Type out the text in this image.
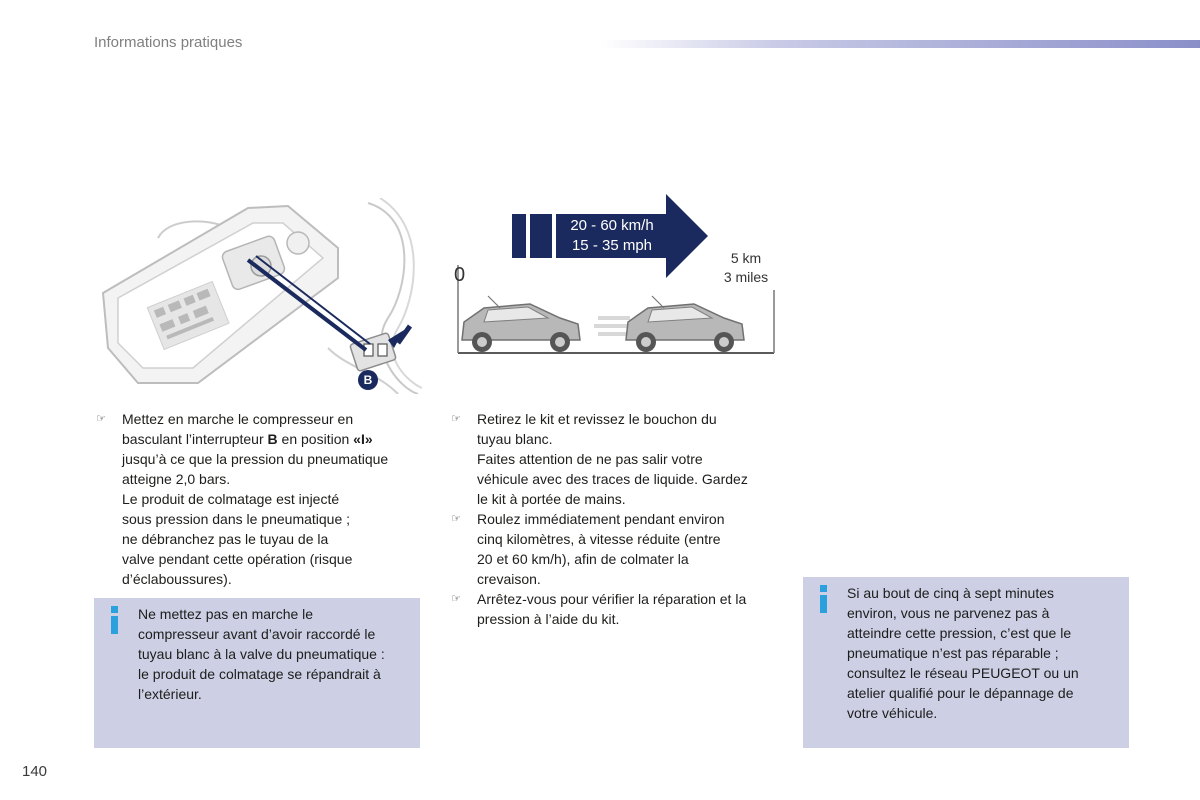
Informations pratiques
B
20 - 60 km/h
15 - 35 mph
0
5 km
3 miles
☞ Mettez en marche le compresseur en
basculant l’interrupteur B en position «I»
jusqu’à ce que la pression du pneumatique
atteigne 2,0 bars.
Le produit de colmatage est injecté
sous pression dans le pneumatique ;
ne débranchez pas le tuyau de la
valve pendant cette opération (risque
d’éclaboussures).
☞ Retirez le kit et revissez le bouchon du
tuyau blanc.
Faites attention de ne pas salir votre
véhicule avec des traces de liquide. Gardez
le kit à portée de mains.
☞ Roulez immédiatement pendant environ
cinq kilomètres, à vitesse réduite (entre
20 et 60 km/h), afin de colmater la
crevaison.
☞ Arrêtez-vous pour vérifier la réparation et la
pression à l’aide du kit.
Ne mettez pas en marche le
compresseur avant d’avoir raccordé le
tuyau blanc à la valve du pneumatique :
le produit de colmatage se répandrait à
l’extérieur.
Si au bout de cinq à sept minutes
environ, vous ne parvenez pas à
atteindre cette pression, c’est que le
pneumatique n’est pas réparable ;
consultez le réseau PEUGEOT ou un
atelier qualifié pour le dépannage de
votre véhicule.
140
